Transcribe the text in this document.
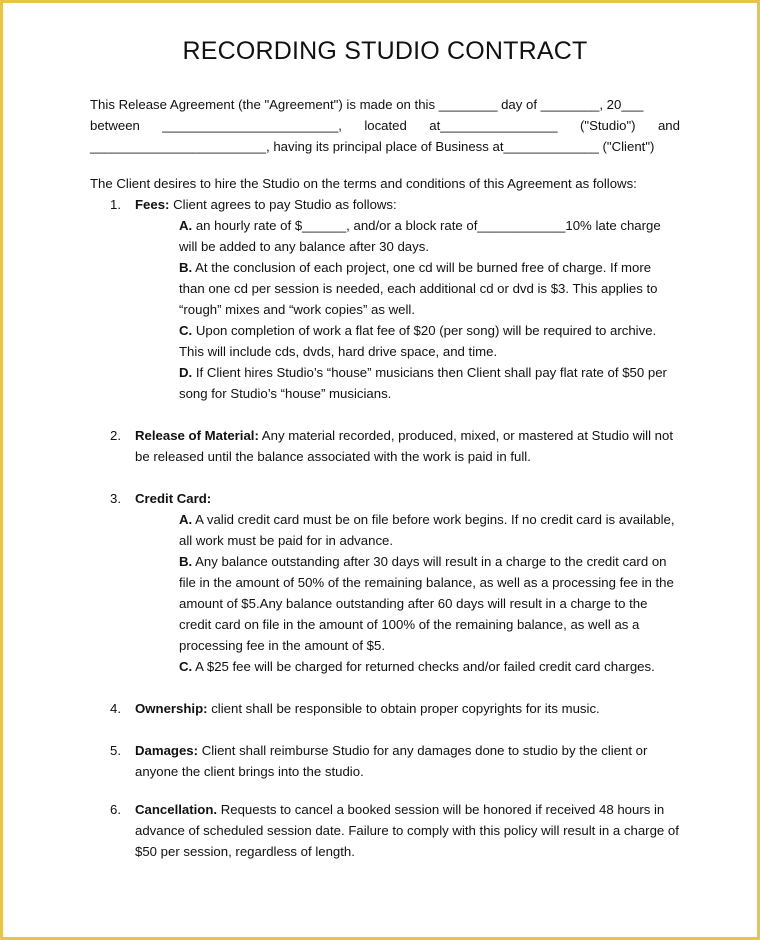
RECORDING STUDIO CONTRACT

This Release Agreement (the "Agreement") is made on this ________ day of ________, 20___

between ________________________, located at________________ ("Studio") and

________________________, having its principal place of Business at_____________ ("Client")

The Client desires to hire the Studio on the terms and conditions of this Agreement as follows:

1. Fees: Client agrees to pay Studio as follows:

A. an hourly rate of $______, and/or a block rate of____________10% late charge will be added to any balance after 30 days.

B. At the conclusion of each project, one cd will be burned free of charge. If more than one cd per session is needed, each additional cd or dvd is $3. This applies to “rough” mixes and “work copies” as well.

C. Upon completion of work a flat fee of $20 (per song) will be required to archive. This will include cds, dvds, hard drive space, and time.

D. If Client hires Studio’s “house” musicians then Client shall pay flat rate of $50 per song for Studio’s “house” musicians.

2. Release of Material: Any material recorded, produced, mixed, or mastered at Studio will not be released until the balance associated with the work is paid in full.

3. Credit Card:

A. A valid credit card must be on file before work begins. If no credit card is available, all work must be paid for in advance.

B. Any balance outstanding after 30 days will result in a charge to the credit card on file in the amount of 50% of the remaining balance, as well as a processing fee in the amount of $5.Any balance outstanding after 60 days will result in a charge to the credit card on file in the amount of 100% of the remaining balance, as well as a processing fee in the amount of $5.

C. A $25 fee will be charged for returned checks and/or failed credit card charges.

4. Ownership: client shall be responsible to obtain proper copyrights for its music.

5. Damages: Client shall reimburse Studio for any damages done to studio by the client or anyone the client brings into the studio.

6. Cancellation. Requests to cancel a booked session will be honored if received 48 hours in advance of scheduled session date. Failure to comply with this policy will result in a charge of $50 per session, regardless of length.
